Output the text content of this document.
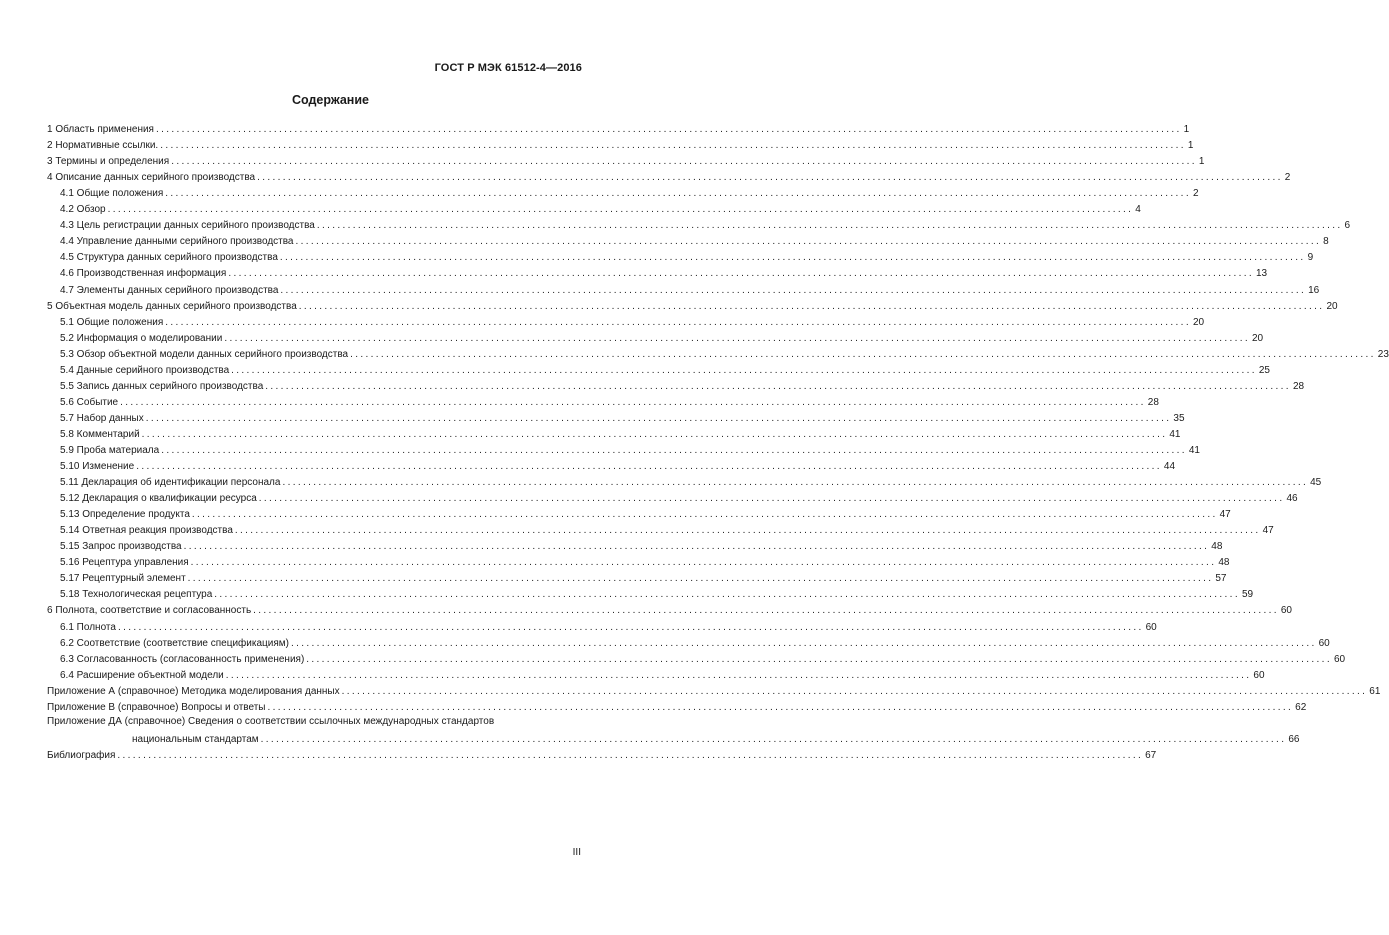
ГОСТ Р МЭК 61512-4—2016
Содержание
1 Область применения ........................................................................................................................................................................................................ 1
2 Нормативные ссылки. ........................................................................................................................................................................................................ 1
3 Термины и определения ........................................................................................................................................................................................................ 1
4 Описание данных серийного производства ........................................................................................................................................................................................................ 2
4.1 Общие положения ........................................................................................................................................................................................................ 2
4.2 Обзор ........................................................................................................................................................................................................ 4
4.3 Цель регистрации данных серийного производства ........................................................................................................................................................................................................ 6
4.4 Управление данными серийного производства ........................................................................................................................................................................................................ 8
4.5 Структура данных серийного производства ........................................................................................................................................................................................................ 9
4.6 Производственная информация ........................................................................................................................................................................................................ 13
4.7 Элементы данных серийного производства ........................................................................................................................................................................................................ 16
5 Объектная модель данных серийного производства ........................................................................................................................................................................................................ 20
5.1 Общие положения ........................................................................................................................................................................................................ 20
5.2 Информация о моделировании ........................................................................................................................................................................................................ 20
5.3 Обзор объектной модели данных серийного производства ........................................................................................................................................................................................................ 23
5.4 Данные серийного производства ........................................................................................................................................................................................................ 25
5.5 Запись данных серийного производства ........................................................................................................................................................................................................ 28
5.6 Событие ........................................................................................................................................................................................................ 28
5.7 Набор данных ........................................................................................................................................................................................................ 35
5.8 Комментарий ........................................................................................................................................................................................................ 41
5.9 Проба материала ........................................................................................................................................................................................................ 41
5.10 Изменение ........................................................................................................................................................................................................ 44
5.11 Декларация об идентификации персонала ........................................................................................................................................................................................................ 45
5.12 Декларация о квалификации ресурса ........................................................................................................................................................................................................ 46
5.13 Определение продукта ........................................................................................................................................................................................................ 47
5.14 Ответная реакция производства ........................................................................................................................................................................................................ 47
5.15 Запрос производства ........................................................................................................................................................................................................ 48
5.16 Рецептура управления ........................................................................................................................................................................................................ 48
5.17 Рецептурный элемент ........................................................................................................................................................................................................ 57
5.18 Технологическая рецептура ........................................................................................................................................................................................................ 59
6 Полнота, соответствие и согласованность ........................................................................................................................................................................................................ 60
6.1 Полнота ........................................................................................................................................................................................................ 60
6.2 Соответствие (соответствие спецификациям) ........................................................................................................................................................................................................ 60
6.3 Согласованность (согласованность применения) ........................................................................................................................................................................................................ 60
6.4 Расширение объектной модели ........................................................................................................................................................................................................ 60
Приложение А (справочное) Методика моделирования данных ........................................................................................................................................................................................................ 61
Приложение В (справочное) Вопросы и ответы ........................................................................................................................................................................................................ 62
Приложение ДА (справочное) Сведения о соответствии ссылочных международных стандартов
национальным стандартам ........................................................................................................................................................................................................ 66
Библиография ........................................................................................................................................................................................................ 67
III
